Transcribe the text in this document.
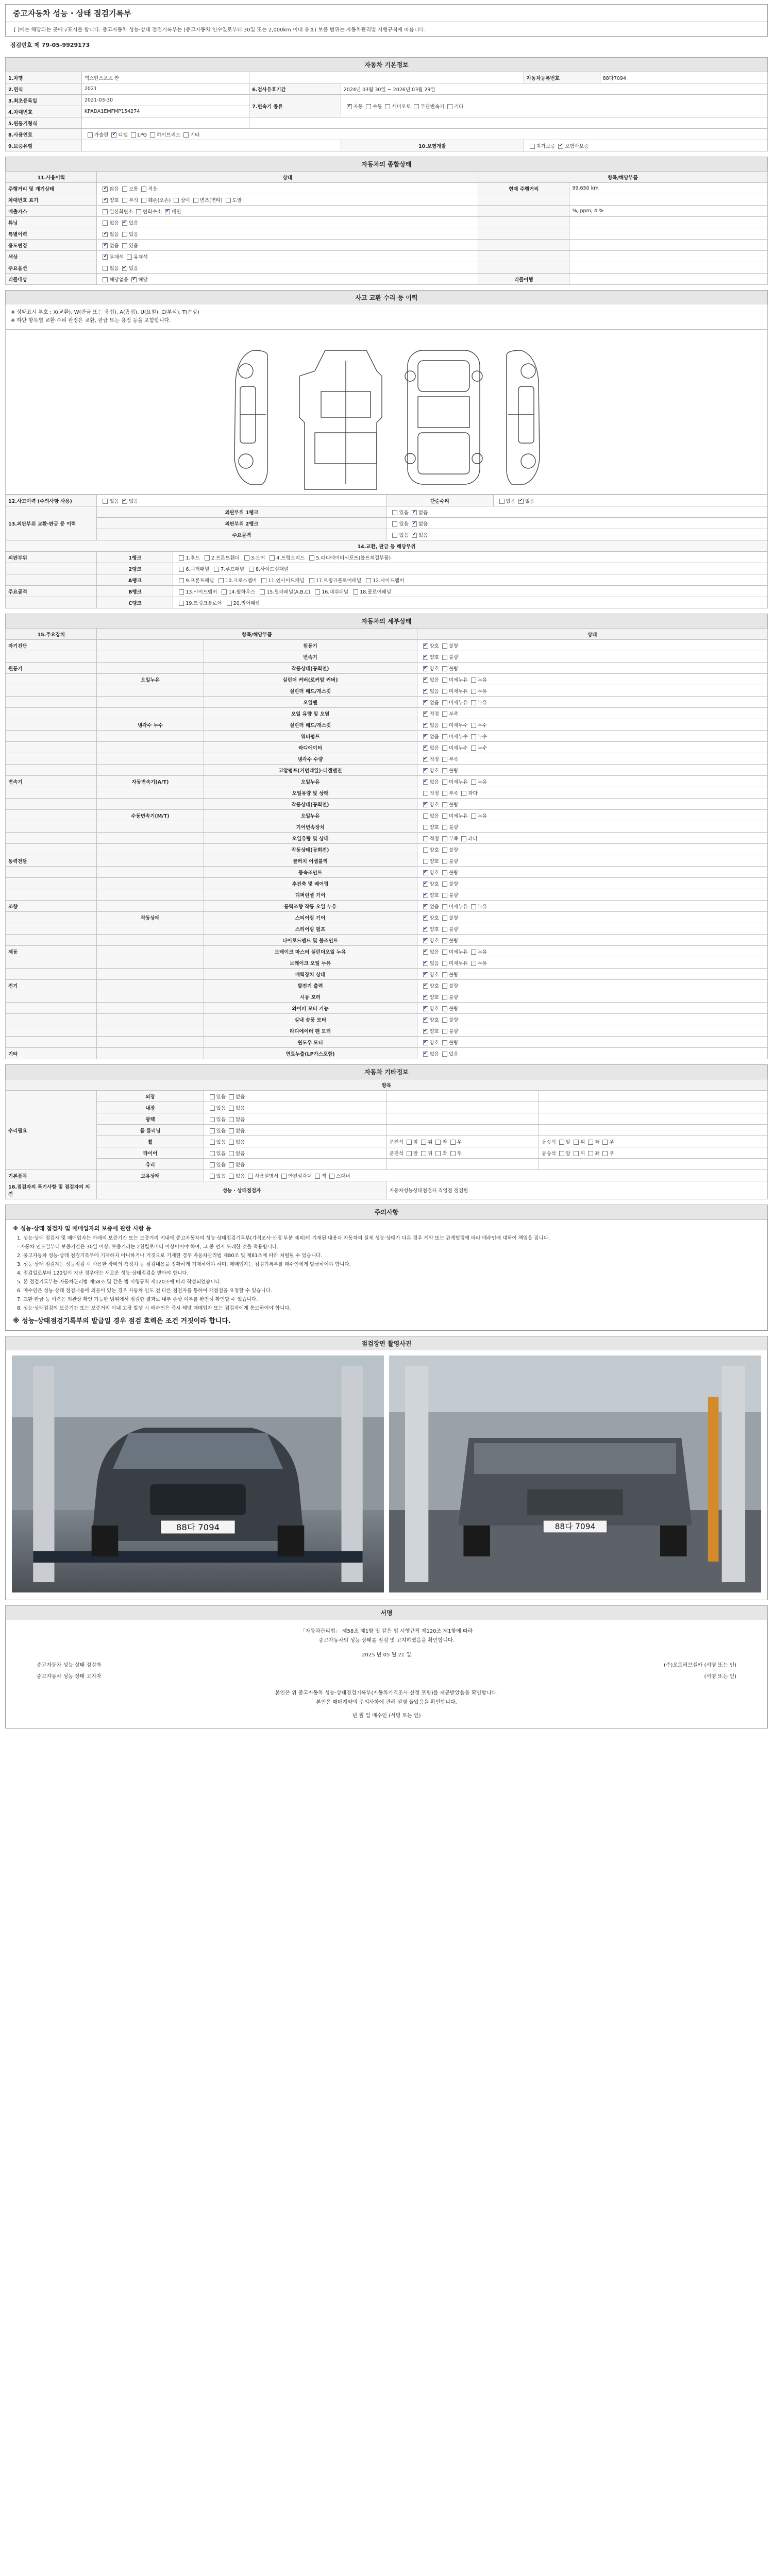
중고자동차 성능 · 상태 점검기록부
[ ]에는 해당되는 곳에 √표시를 합니다. 중고자동차 성능·상태 점검기록부는 (중고자동차 인수일로부터 30일 또는 2,000km 이내 유효) 보증 범위는 자동차관리법 시행규칙에 따릅니다.
점검번호 제 79-05-9929173
자동차 기본정보
1.차명	렉스턴스포츠 칸			자동차등록번호	88다7094
2.연식	2021	6.검사유효기간	2024년 03월 30일 ~ 2026년 03월 29일		
3.최초등록일	2021-03-30	7.변속기 종류	✔자동 수동 세미오토 무단변속기 기타
4.차대번호	KPADA1EMFMP154274				
5.원동기형식					
8.사용연료	가솔린 ✔ 디젤 LPG 하이브리드 기타
9.보증유형			10.보험개발	자가보증 ✔ 보험사보증
자동차의 종합상태
11.사용이력	상태	항목/해당부품	
주행거리 및 계기상태	✔많음 보통 적음	현재 주행거리	99,650 km
차대번호 표기	✔양호 부식 훼손(오손) 상이 변조(변타) 도말		
배출가스	일산화탄소 탄화수소 ✔ 매연		%, ppm, 4 %
튜닝	없음 ✔ 있음		
특별이력	✔없음 있음		
용도변경	✔없음 있음		
색상	✔무채색 유채색		
주요옵션	없음 ✔ 있음		
리콜대상	해당없음 ✔ 해당	리콜이행	
사고 교환 수리 등 이력
※ 상태표시 부호 : X(교환), W(판금 또는 용접), A(흠집), U(요철), C(부식), T(손상)
※ 하단 항목별 교환·수리 판정은 교환, 판금 또는 용접 등을 포함합니다.
12.사고이력 (주의사항 사용)	있음 ✔ 없음		단순수리	있음 ✔ 없음
13.외판부위 교환·판금 등 이력	외판부위 1랭크		있음 ✔ 없음
	외판부위 2랭크		있음 ✔ 없음
	주요골격		있음 ✔ 없음
14.교환, 판금 등 해당부위				
외판부위	1랭크	1.후드 2.프론트휀더 3.도어 4.트렁크리드 5.라디에이터서포트(볼트체결부품)		
	2랭크	6.쿼터패널 7.루프패널 8.사이드실패널		
	A랭크	9.프론트패널 10.크로스멤버 11.인사이드패널 17.트렁크플로어패널 12.사이드멤버		
주요골격	B랭크	13.사이드멤버 14.휠하우스 15.필러패널(A,B,C) 16.대쉬패널 18.플로어패널		
	C랭크	19.트렁크플로어 20.리어패널		
자동차의 세부상태
15.주요장치	항목/해당부품		상태
자기진단		원동기	✔양호 불량
		변속기	✔양호 불량
원동기		작동상태(공회전)	✔양호 불량
	오일누유	실린더 커버(로커암 커버)	✔없음 미세누유 누유
		실린더 헤드/개스킷	✔없음 미세누유 누유
		오일팬	✔없음 미세누유 누유
		오일 유량 및 오염	✔적정 부족
	냉각수 누수	실린더 헤드/개스킷	✔없음 미세누수 누수
		워터펌프	✔없음 미세누수 누수
		라디에이터	✔없음 미세누수 누수
		냉각수 수량	✔적정 부족
		고압펌프(커먼레일)-디젤엔진	✔양호 불량
변속기	자동변속기(A/T)	오일누유	✔없음 미세누유 누유
		오일유량 및 상태	적정 부족 과다
		작동상태(공회전)	✔양호 불량
	수동변속기(M/T)	오일누유	없음 미세누유 누유
		기어변속장치	양호 불량
		오일유량 및 상태	적정 부족 과다
		작동상태(공회전)	양호 불량
동력전달		클러치 어셈블리	양호 불량
		등속조인트	✔양호 불량
		추진축 및 베어링	✔양호 불량
		디퍼런셜 기어	✔양호 불량
조향		동력조향 작동 오일 누유	✔없음 미세누유 누유
	작동상태	스티어링 기어	✔양호 불량
		스티어링 펌프	✔양호 불량
		타이로드엔드 및 볼조인트	✔양호 불량
제동		브레이크 마스터 실린더오일 누유	✔없음 미세누유 누유
		브레이크 오일 누유	✔없음 미세누유 누유
		배력장치 상태	✔양호 불량
전기		발전기 출력	✔양호 불량
		시동 모터	✔양호 불량
		와이퍼 모터 기능	✔양호 불량
		실내 송풍 모터	✔양호 불량
		라디에이터 팬 모터	✔양호 불량
		윈도우 모터	✔양호 불량
기타		연료누출(LP가스포함)	✔없음 있음
자동차 기타정보
항목				
수리필요	외장	있음 없음		
	내장	있음 없음		
	광택	있음 없음		
	룸 클리닝	있음 없음		
	휠	있음 없음	운전석 앞 뒤 좌 우	동승석 앞 뒤 좌 우
	타이어	있음 없음	운전석 앞 뒤 좌 우	동승석 앞 뒤 좌 우
	유리	있음 없음		
기본품목	보유상태	있음 없음 사용설명서 안전삼각대 잭 스패너		
16.점검자의 특기사항 및 점검자의 의견	성능 · 상태점검자		자동차성능상태점검자 직영점 점검필	
주의사항
※ 성능·상태 점검자 및 매매업자의 보증에 관한 사항 등
1. 성능·상태 점검자 및 매매업자는 아래의 보증기간 또는 보증거리 이내에 중고자동차의 성능·상태점검기록부(가격조사·산정 부분 제외)에 기재된 내용과 자동차의 실제 성능·상태가 다른 경우 계약 또는 관계법령에 따라 매수인에 대하여 책임을 집니다.
- 자동차 인도일부터 보증기간은 30일 이상, 보증거리는 2천킬로미터 이상이어야 하며, 그 중 먼저 도래한 것을 적용합니다.
2. 중고자동차 성능·상태 점검기록부에 기재하지 아니하거나 거짓으로 기재한 경우 자동차관리법 제80조 및 제81조에 따라 처벌될 수 있습니다.
3. 성능·상태 점검자는 성능점검 시 사용한 장비의 측정치 등 점검내용을 정확하게 기재하여야 하며, 매매업자는 점검기록부를 매수인에게 발급하여야 합니다.
4. 점검일로부터 120일이 지난 경우에는 새로운 성능·상태점검을 받아야 합니다.
5. 본 점검기록부는 자동차관리법 제58조 및 같은 법 시행규칙 제120조에 따라 작성되었습니다.
6. 매수인은 성능·상태 점검내용에 의문이 있는 경우 자동차 인도 전 다른 점검자를 통하여 재점검을 요청할 수 있습니다.
7. 교환·판금 등 이력은 외관상 확인 가능한 범위에서 점검한 결과로 내부 손상 여부를 완전히 확인할 수 없습니다.
8. 성능·상태점검의 보증기간 또는 보증거리 이내 고장 발생 시 매수인은 즉시 해당 매매업자 또는 점검자에게 통보하여야 합니다.
※ 성능·상태점검기록부의 발급일 경우 점검 효력은 조건 거짓이라 합니다.
점검장면 촬영사진
88다 7094	88다 7094
서명
「자동차관리법」 제58조 제1항 및 같은 법 시행규칙 제120조 제1항에 따라
중고자동차의 성능·상태를 점검 및 고지하였음을 확인합니다.
2025 년 05 월 21 일
중고자동차 성능·상태 점검자	(주)오토허브셀카 (서명 또는 인)
중고자동차 성능·상태 고지자	(서명 또는 인)
본인은 위 중고자동차 성능·상태점검기록부(자동차가격조사·산정 포함)를 제공받았음을 확인합니다.
본인은 매매계약의 주의사항에 관해 설명 들었음을 확인합니다.
년 월 일 매수인 (서명 또는 인)
